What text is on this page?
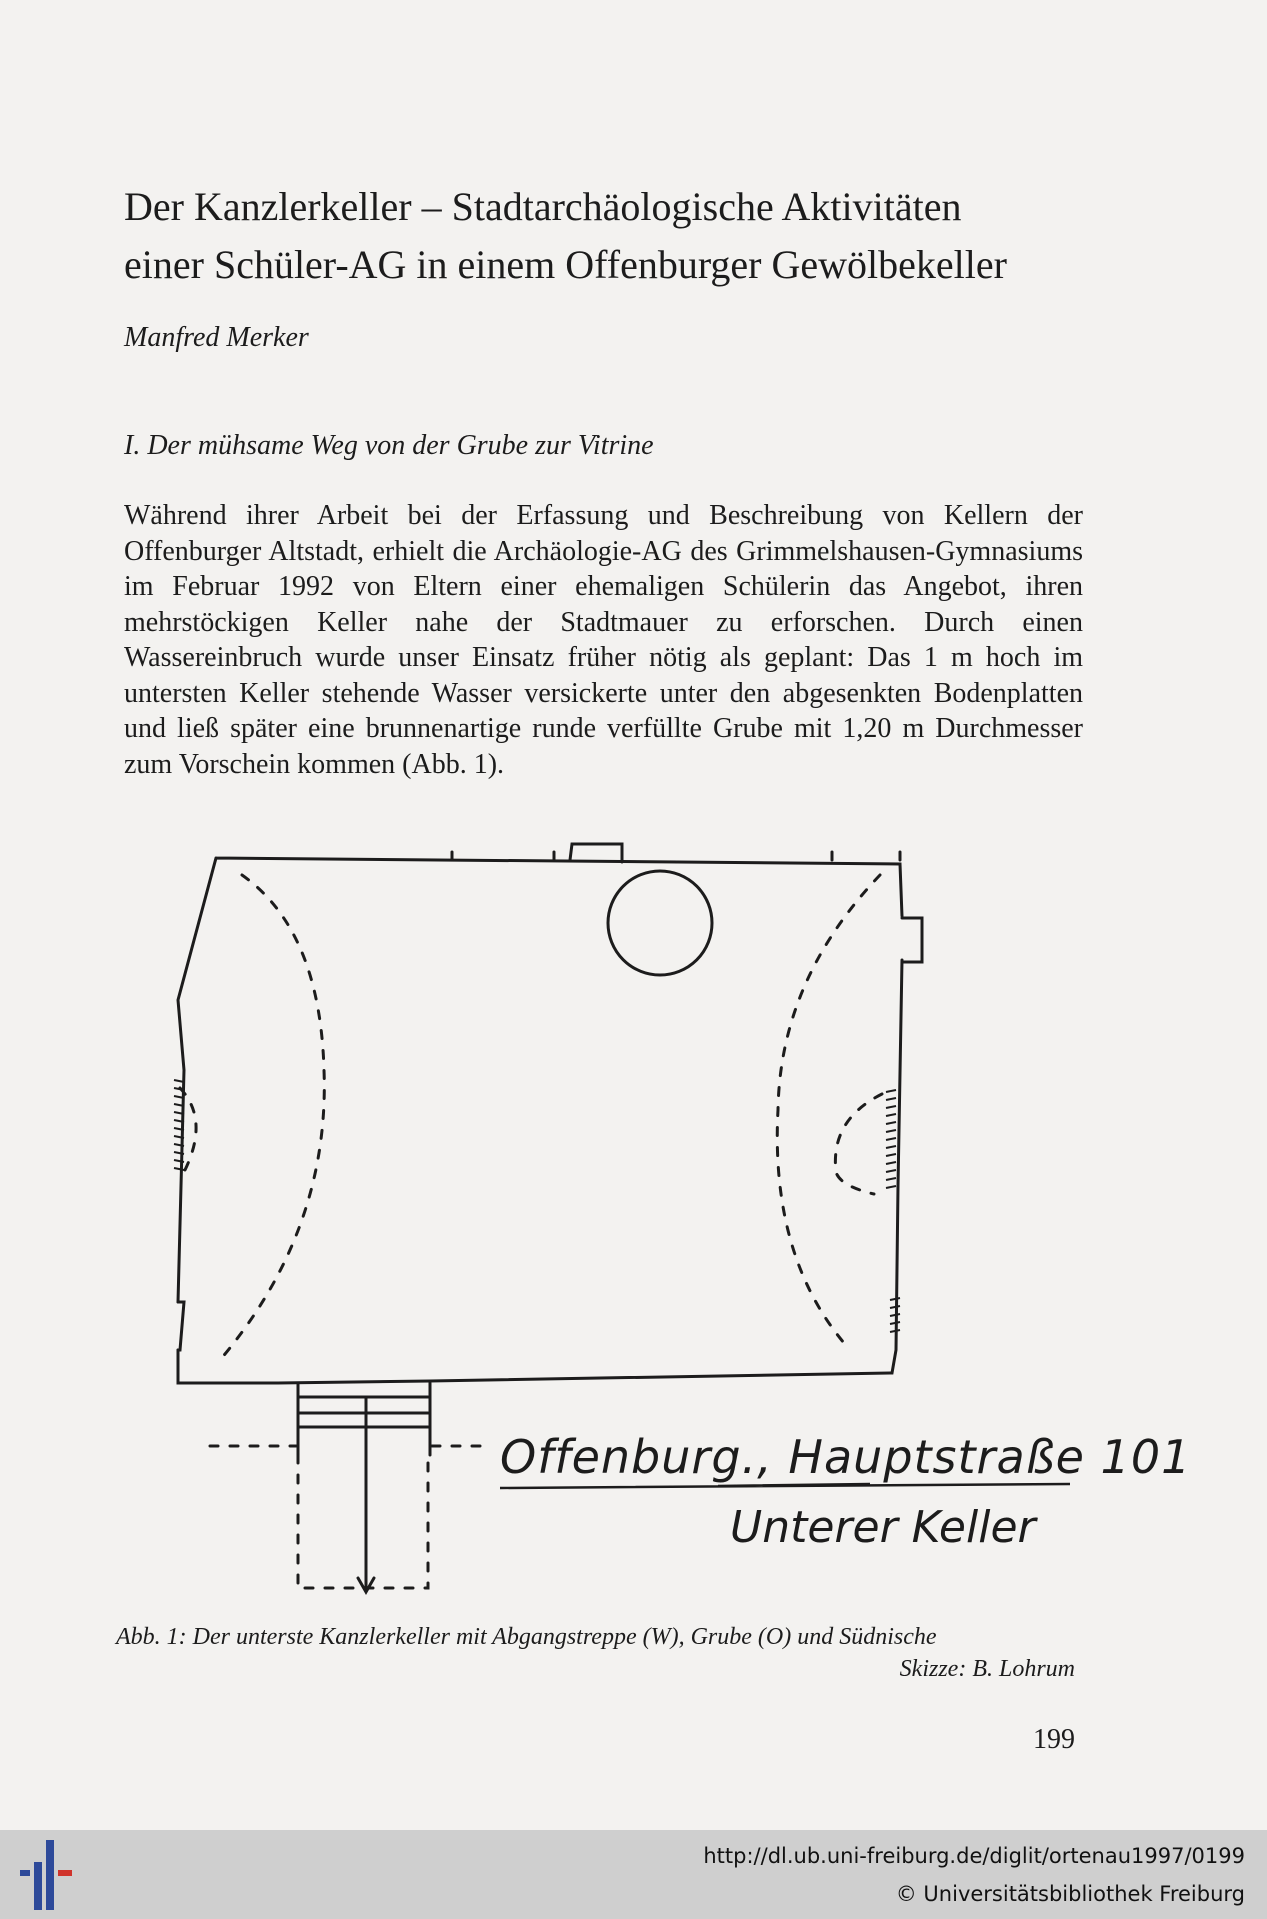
Der Kanzlerkeller – Stadtarchäologische Aktivitäten
einer Schüler-AG in einem Offenburger Gewölbekeller
Manfred Merker
I. Der mühsame Weg von der Grube zur Vitrine

Während ihrer Arbeit bei der Erfassung und Beschreibung von Kellern der Offenburger Altstadt, erhielt die Archäologie-AG des Grimmelshausen-Gymnasiums im Februar 1992 von Eltern einer ehemaligen Schülerin das Angebot, ihren mehrstöckigen Keller nahe der Stadtmauer zu erforschen. Durch einen Wassereinbruch wurde unser Einsatz früher nötig als geplant: Das 1 m hoch im untersten Keller stehende Wasser versickerte unter den abgesenkten Bodenplatten und ließ später eine brunnenartige runde verfüllte Grube mit 1,20 m Durchmesser zum Vorschein kommen (Abb. 1).

Offenburg., Hauptstraße 101
Unterer Keller
Abb. 1: Der unterste Kanzlerkeller mit Abgangstreppe (W), Grube (O) und Südnische
Skizze: B. Lohrum
199
http://dl.ub.uni-freiburg.de/diglit/ortenau1997/0199
© Universitätsbibliothek Freiburg
